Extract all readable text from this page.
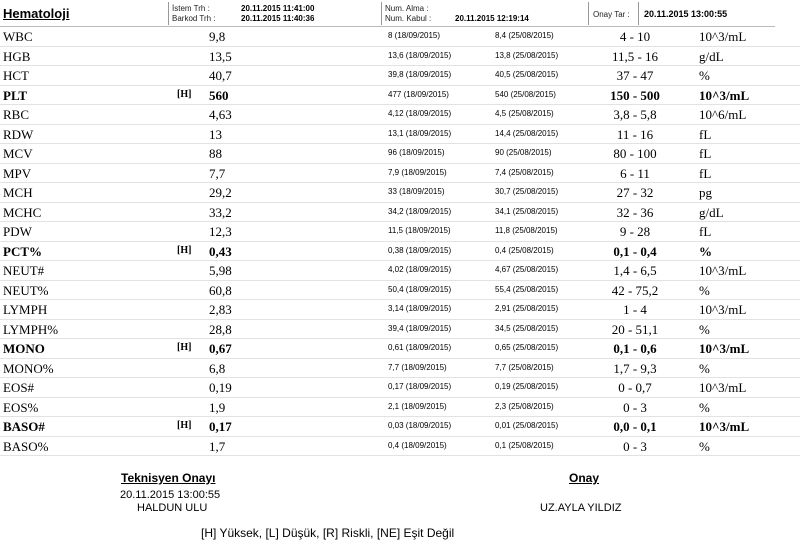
Hematoloji	İstem Trh :	20.11.2015 11:41:00
Barkod Trh :	20.11.2015 11:40:36
Num. Alma :
Num. Kabul :	20.11.2015 12:19:14	Onay Tar : 20.11.2015 13:00:55
WBC	9,8	8 (18/09/2015)	8,4 (25/08/2015)	4 - 10	10^3/mL
HGB	13,5	13,6 (18/09/2015)	13,8 (25/08/2015)	11,5 - 16	g/dL
HCT	40,7	39,8 (18/09/2015)	40,5 (25/08/2015)	37 - 47	%
PLT	[H] 560	477 (18/09/2015)	540 (25/08/2015)	150 - 500	10^3/mL
RBC	4,63	4,12 (18/09/2015)	4,5 (25/08/2015)	3,8 - 5,8	10^6/mL
RDW	13	13,1 (18/09/2015)	14,4 (25/08/2015)	11 - 16	fL
MCV	88	96 (18/09/2015)	90 (25/08/2015)	80 - 100	fL
MPV	7,7	7,9 (18/09/2015)	7,4 (25/08/2015)	6 - 11	fL
MCH	29,2	33 (18/09/2015)	30,7 (25/08/2015)	27 - 32	pg
MCHC	33,2	34,2 (18/09/2015)	34,1 (25/08/2015)	32 - 36	g/dL
PDW	12,3	11,5 (18/09/2015)	11,8 (25/08/2015)	9 - 28	fL
PCT%	[H] 0,43	0,38 (18/09/2015)	0,4 (25/08/2015)	0,1 - 0,4	%
NEUT#	5,98	4,02 (18/09/2015)	4,67 (25/08/2015)	1,4 - 6,5	10^3/mL
NEUT%	60,8	50,4 (18/09/2015)	55,4 (25/08/2015)	42 - 75,2	%
LYMPH	2,83	3,14 (18/09/2015)	2,91 (25/08/2015)	1 - 4	10^3/mL
LYMPH%	28,8	39,4 (18/09/2015)	34,5 (25/08/2015)	20 - 51,1	%
MONO	[H] 0,67	0,61 (18/09/2015)	0,65 (25/08/2015)	0,1 - 0,6	10^3/mL
MONO%	6,8	7,7 (18/09/2015)	7,7 (25/08/2015)	1,7 - 9,3	%
EOS#	0,19	0,17 (18/09/2015)	0,19 (25/08/2015)	0 - 0,7	10^3/mL
EOS%	1,9	2,1 (18/09/2015)	2,3 (25/08/2015)	0 - 3	%
BASO#	[H] 0,17	0,03 (18/09/2015)	0,01 (25/08/2015)	0,0 - 0,1	10^3/mL
BASO%	1,7	0,4 (18/09/2015)	0,1 (25/08/2015)	0 - 3	%
Teknisyen Onayı
20.11.2015 13:00:55
HALDUN ULU
Onay
UZ.AYLA YILDIZ
[H] Yüksek, [L] Düşük, [R] Riskli, [NE] Eşit Değil
